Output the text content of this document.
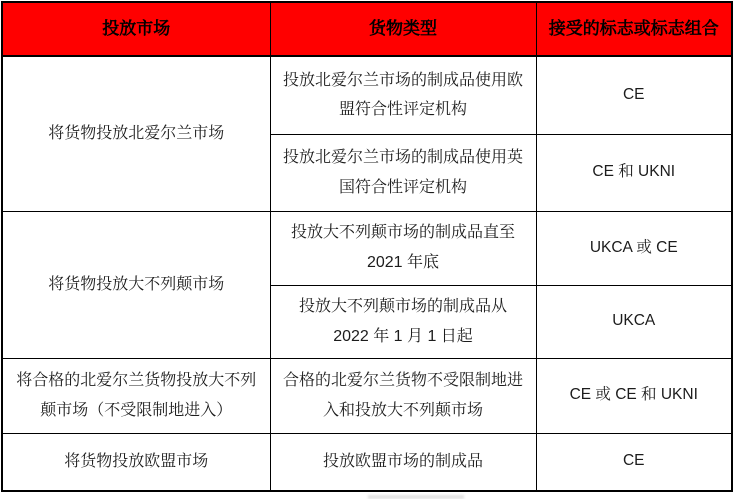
投放市场	货物类型	接受的标志或标志组合
将货物投放北爱尔兰市场	投放北爱尔兰市场的制成品使用欧盟符合性评定机构	CE
	投放北爱尔兰市场的制成品使用英国符合性评定机构	CE 和 UKNI
将货物投放大不列颠市场	投放大不列颠市场的制成品直至 2021 年底	UKCA 或 CE
	投放大不列颠市场的制成品从 2022 年 1 月 1 日起	UKCA
将合格的北爱尔兰货物投放大不列颠市场（不受限制地进入）	合格的北爱尔兰货物不受限制地进入和投放大不列颠市场	CE 或 CE 和 UKNI
将货物投放欧盟市场	投放欧盟市场的制成品	CE
